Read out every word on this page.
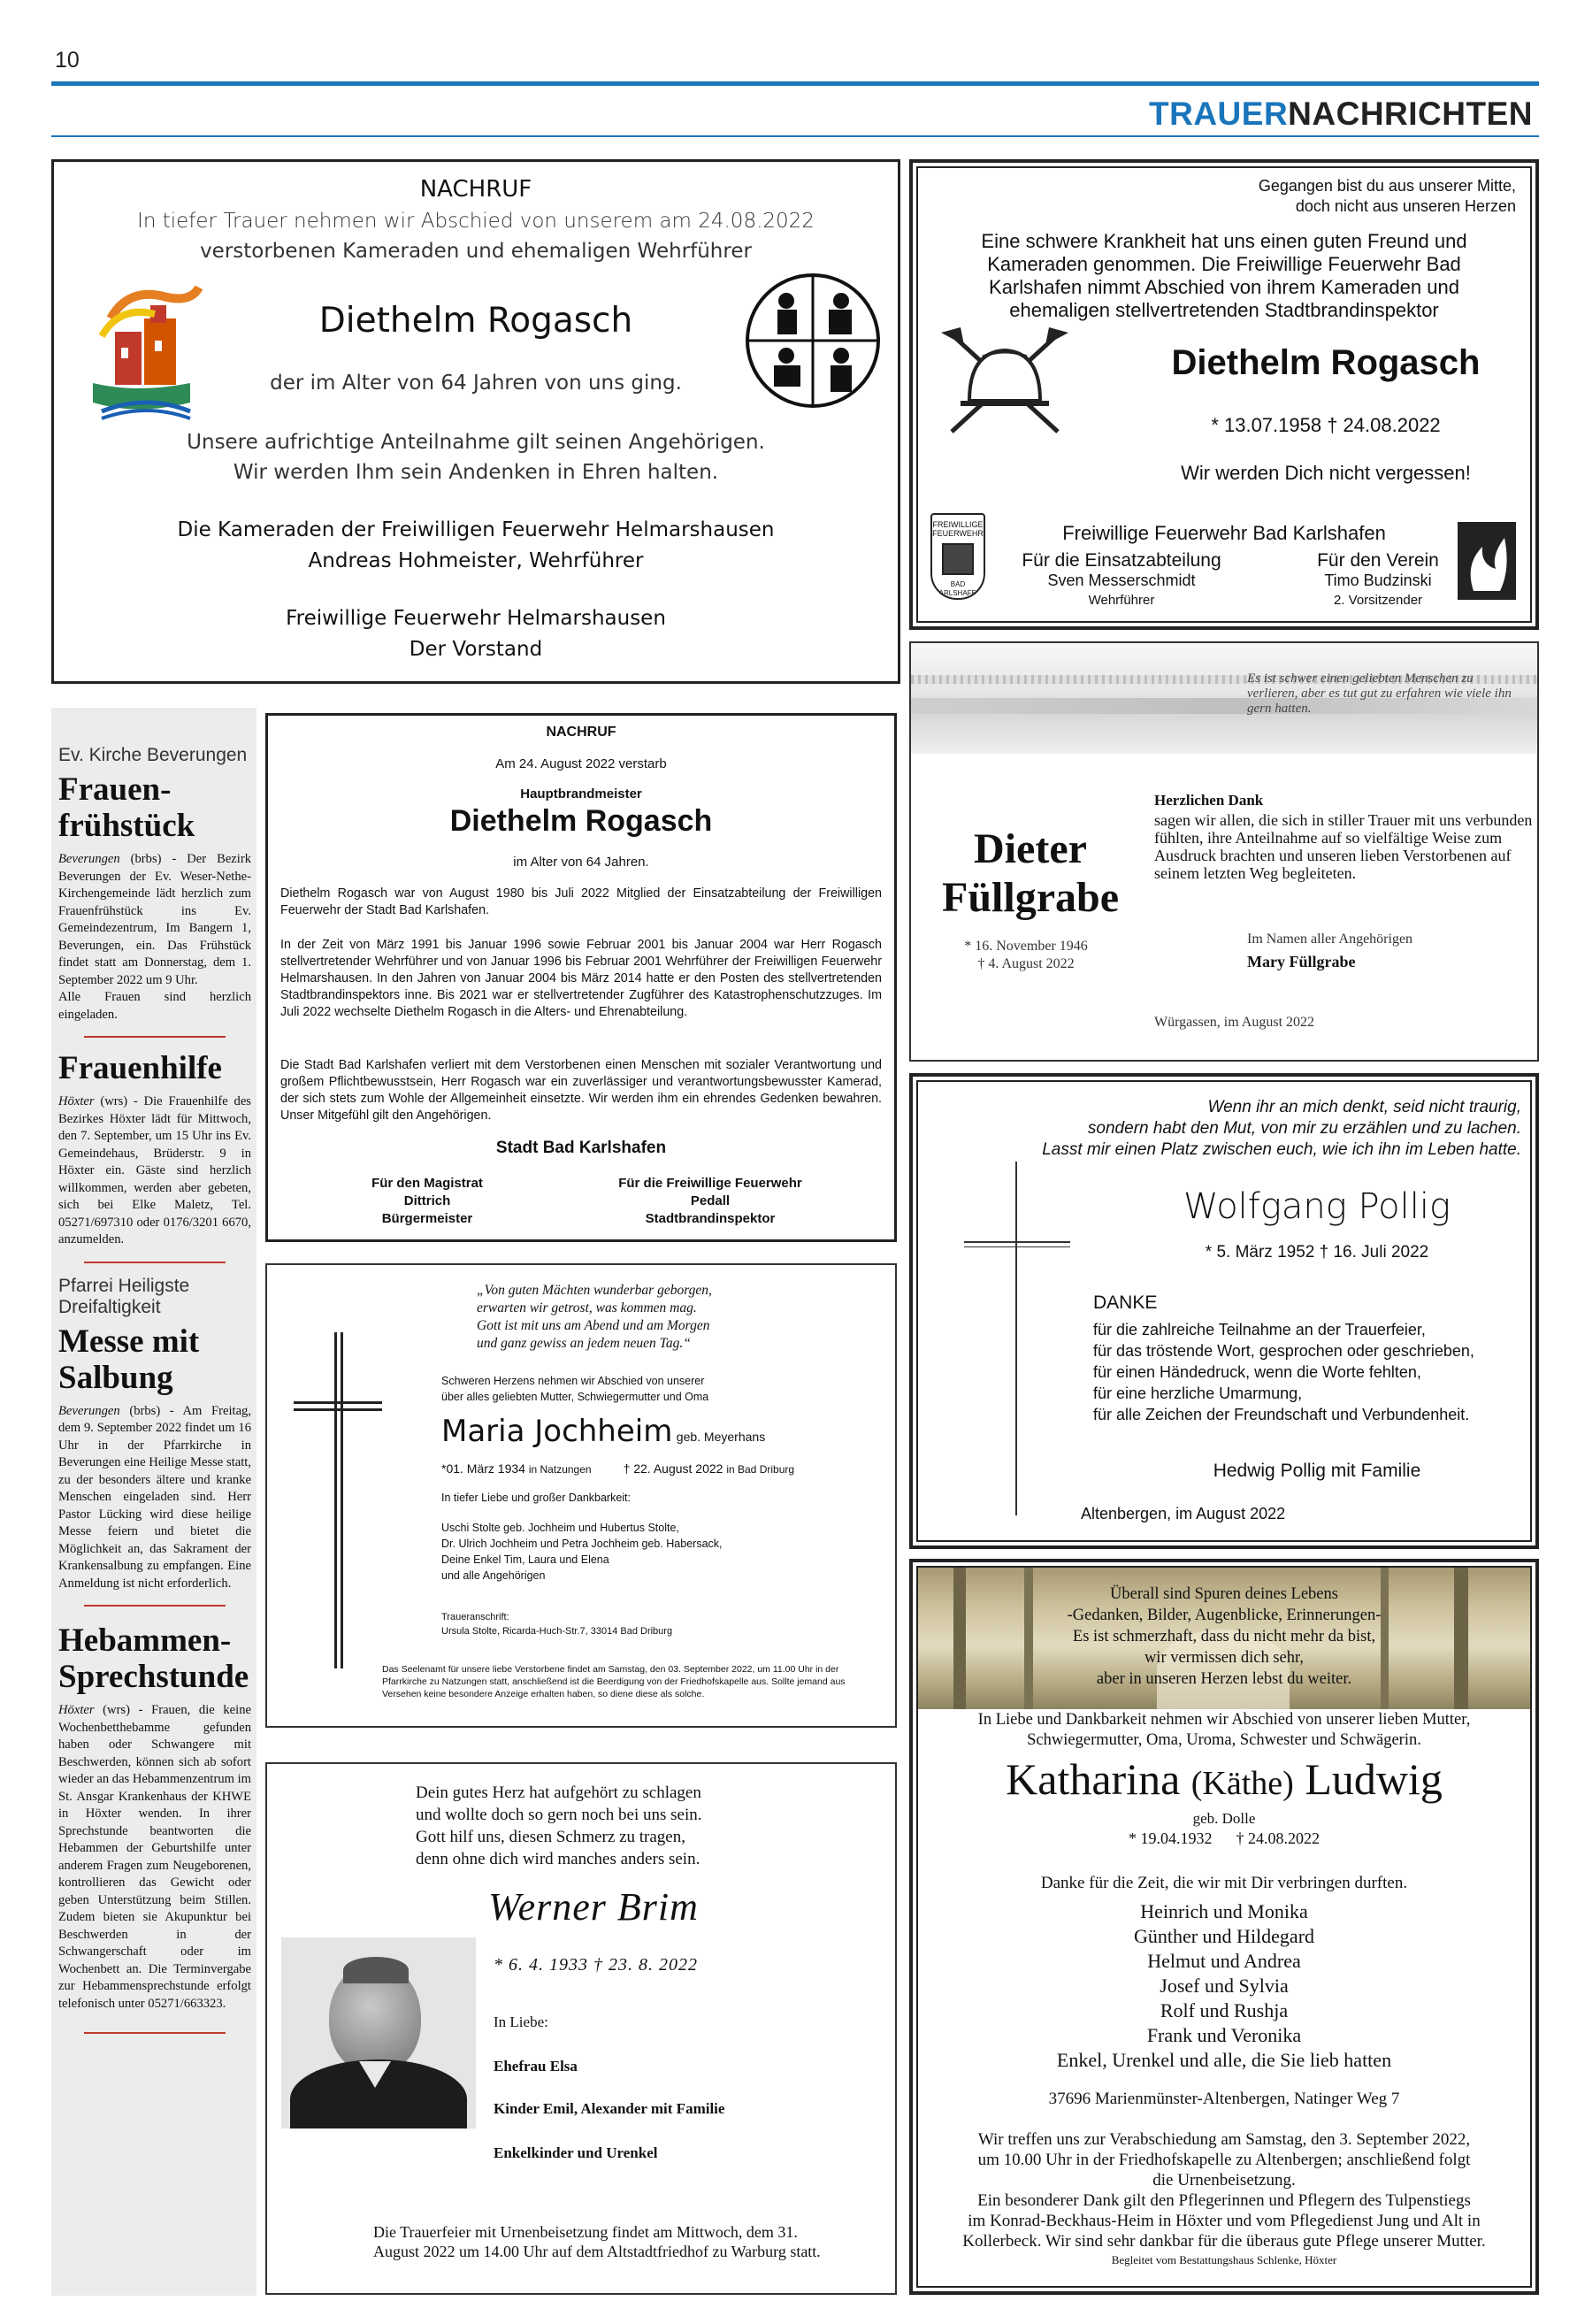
10
TRAUERNACHRICHTEN
NACHRUF
In tiefer Trauer nehmen wir Abschied von unserem am 24.08.2022
verstorbenen Kameraden und ehemaligen Wehrführer
Diethelm Rogasch
der im Alter von 64 Jahren von uns ging.
Unsere aufrichtige Anteilnahme gilt seinen Angehörigen.
Wir werden Ihm sein Andenken in Ehren halten.
Die Kameraden der Freiwilligen Feuerwehr Helmarshausen
Andreas Hohmeister, Wehrführer
Freiwillige Feuerwehr Helmarshausen
Der Vorstand
Gegangen bist du aus unserer Mitte,
doch nicht aus unseren Herzen
Eine schwere Krankheit hat uns einen guten Freund und
Kameraden genommen. Die Freiwillige Feuerwehr Bad
Karlshafen nimmt Abschied von ihrem Kameraden und
ehemaligen stellvertretenden Stadtbrandinspektor
Diethelm Rogasch
* 13.07.1958 † 24.08.2022
Wir werden Dich nicht vergessen!
FREIWILLIGE FEUERWEHR
BAD KARLSHAFEN
Freiwillige Feuerwehr Bad Karlshafen
Für die Einsatzabteilung
Sven Messerschmidt
Wehrführer
Für den Verein
Timo Budzinski
2. Vorsitzender
Ev. Kirche Beverungen
Frauen-
frühstück
Beverungen (brbs) - Der Bezirk Beverungen der Ev. Weser-Nethe-Kirchengemeinde lädt herzlich zum Frauenfrühstück ins Ev. Gemeindezentrum, Im Bangern 1, Beverungen, ein. Das Frühstück findet statt am Donnerstag, dem 1. September 2022 um 9 Uhr.
Alle Frauen sind herzlich eingeladen.
Frauenhilfe
Höxter (wrs) - Die Frauenhilfe des Bezirkes Höxter lädt für Mittwoch, den 7. September, um 15 Uhr ins Ev. Gemeindehaus, Brüderstr. 9 in Höxter ein. Gäste sind herzlich willkommen, werden aber gebeten, sich bei Elke Maletz, Tel. 05271/697310 oder 0176/3201 6670, anzumelden.
Pfarrei Heiligste Dreifaltigkeit
Messe mit Salbung
Beverungen (brbs) - Am Freitag, dem 9. September 2022 findet um 16 Uhr in der Pfarrkirche in Beverungen eine Heilige Messe statt, zu der besonders ältere und kranke Menschen eingeladen sind. Herr Pastor Lücking wird diese heilige Messe feiern und bietet die Möglichkeit an, das Sakrament der Krankensalbung zu empfangen. Eine Anmeldung ist nicht erforderlich.
Hebammen-
Sprechstunde
Höxter (wrs) - Frauen, die keine Wochenbetthebamme gefunden haben oder Schwangere mit Beschwerden, können sich ab sofort wieder an das Hebammenzentrum im St. Ansgar Krankenhaus der KHWE in Höxter wenden. In ihrer Sprechstunde beantworten die Hebammen der Geburtshilfe unter anderem Fragen zum Neugeborenen, kontrollieren das Gewicht oder geben Unterstützung beim Stillen. Zudem bieten sie Akupunktur bei Beschwerden in der Schwangerschaft oder im Wochenbett an. Die Terminvergabe zur Hebammensprechstunde erfolgt telefonisch unter 05271/663323.
NACHRUF
Am 24. August 2022 verstarb
Hauptbrandmeister
Diethelm Rogasch
im Alter von 64 Jahren.
Diethelm Rogasch war von August 1980 bis Juli 2022 Mitglied der Einsatzabteilung der Freiwilligen Feuerwehr der Stadt Bad Karlshafen.
In der Zeit von März 1991 bis Januar 1996 sowie Februar 2001 bis Januar 2004 war Herr Rogasch stellvertretender Wehrführer und von Januar 1996 bis Februar 2001 Wehrführer der Freiwilligen Feuerwehr Helmarshausen. In den Jahren von Januar 2004 bis März 2014 hatte er den Posten des stellvertretenden Stadtbrandinspektors inne. Bis 2021 war er stellvertretender Zugführer des Katastrophenschutzzuges. Im Juli 2022 wechselte Diethelm Rogasch in die Alters- und Ehrenabteilung.
Die Stadt Bad Karlshafen verliert mit dem Verstorbenen einen Menschen mit sozialer Verantwortung und großem Pflichtbewusstsein, Herr Rogasch war ein zuverlässiger und verantwortungsbewusster Kamerad, der sich stets zum Wohle der Allgemeinheit einsetzte. Wir werden ihm ein ehrendes Gedenken bewahren. Unser Mitgefühl gilt den Angehörigen.
Stadt Bad Karlshafen
Für den Magistrat
Dittrich
Bürgermeister
Für die Freiwillige Feuerwehr
Pedall
Stadtbrandinspektor
Es ist schwer einen geliebten Menschen zu verlieren, aber es tut gut zu erfahren wie viele ihn gern hatten.
Dieter
Füllgrabe
* 16. November 1946
† 4. August 2022
Herzlichen Dank
sagen wir allen, die sich in stiller Trauer mit uns verbunden fühlten, ihre Anteilnahme auf so vielfältige Weise zum Ausdruck brachten und unseren lieben Verstorbenen auf seinem letzten Weg begleiteten.
Im Namen aller Angehörigen
Mary Füllgrabe
Würgassen, im August 2022
Wenn ihr an mich denkt, seid nicht traurig,
sondern habt den Mut, von mir zu erzählen und zu lachen.
Lasst mir einen Platz zwischen euch, wie ich ihn im Leben hatte.
Wolfgang Pollig
* 5. März 1952 † 16. Juli 2022
DANKE
für die zahlreiche Teilnahme an der Trauerfeier,
für das tröstende Wort, gesprochen oder geschrieben,
für einen Händedruck, wenn die Worte fehlten,
für eine herzliche Umarmung,
für alle Zeichen der Freundschaft und Verbundenheit.
Hedwig Pollig mit Familie
Altenbergen, im August 2022
„Von guten Mächten wunderbar geborgen,
erwarten wir getrost, was kommen mag.
Gott ist mit uns am Abend und am Morgen
und ganz gewiss an jedem neuen Tag.“
Schweren Herzens nehmen wir Abschied von unserer
über alles geliebten Mutter, Schwiegermutter und Oma
Maria Jochheim geb. Meyerhans
*01. März 1934 in Natzungen	† 22. August 2022 in Bad Driburg
In tiefer Liebe und großer Dankbarkeit:
Uschi Stolte geb. Jochheim und Hubertus Stolte,
Dr. Ulrich Jochheim und Petra Jochheim geb. Habersack,
Deine Enkel Tim, Laura und Elena
und alle Angehörigen
Traueranschrift:
Ursula Stolte, Ricarda-Huch-Str.7, 33014 Bad Driburg
Das Seelenamt für unsere liebe Verstorbene findet am Samstag, den 03. September 2022, um 11.00 Uhr in der Pfarrkirche zu Natzungen statt, anschließend ist die Beerdigung von der Friedhofskapelle aus. Sollte jemand aus Versehen keine besondere Anzeige erhalten haben, so diene diese als solche.
Dein gutes Herz hat aufgehört zu schlagen
und wollte doch so gern noch bei uns sein.
Gott hilf uns, diesen Schmerz zu tragen,
denn ohne dich wird manches anders sein.
Werner Brim
* 6. 4. 1933 † 23. 8. 2022
In Liebe:
Ehefrau Elsa
Kinder Emil, Alexander mit Familie
Enkelkinder und Urenkel
Die Trauerfeier mit Urnenbeisetzung findet am Mittwoch, dem 31. August 2022 um 14.00 Uhr auf dem Altstadtfriedhof zu Warburg statt.
Überall sind Spuren deines Lebens
-Gedanken, Bilder, Augenblicke, Erinnerungen-
Es ist schmerzhaft, dass du nicht mehr da bist,
wir vermissen dich sehr,
aber in unseren Herzen lebst du weiter.
In Liebe und Dankbarkeit nehmen wir Abschied von unserer lieben Mutter,
Schwiegermutter, Oma, Uroma, Schwester und Schwägerin.
Katharina (Käthe) Ludwig
geb. Dolle
* 19.04.1932      † 24.08.2022
Danke für die Zeit, die wir mit Dir verbringen durften.
Heinrich und Monika
Günther und Hildegard
Helmut und Andrea
Josef und Sylvia
Rolf und Rushja
Frank und Veronika
Enkel, Urenkel und alle, die Sie lieb hatten
37696 Marienmünster-Altenbergen, Natinger Weg 7
Wir treffen uns zur Verabschiedung am Samstag, den 3. September 2022,
um 10.00 Uhr in der Friedhofskapelle zu Altenbergen; anschließend folgt
die Urnenbeisetzung.
Ein besonderer Dank gilt den Pflegerinnen und Pflegern des Tulpenstiegs
im Konrad-Beckhaus-Heim in Höxter und vom Pflegedienst Jung und Alt in
Kollerbeck. Wir sind sehr dankbar für die überaus gute Pflege unserer Mutter.
Begleitet vom Bestattungshaus Schlenke, Höxter
